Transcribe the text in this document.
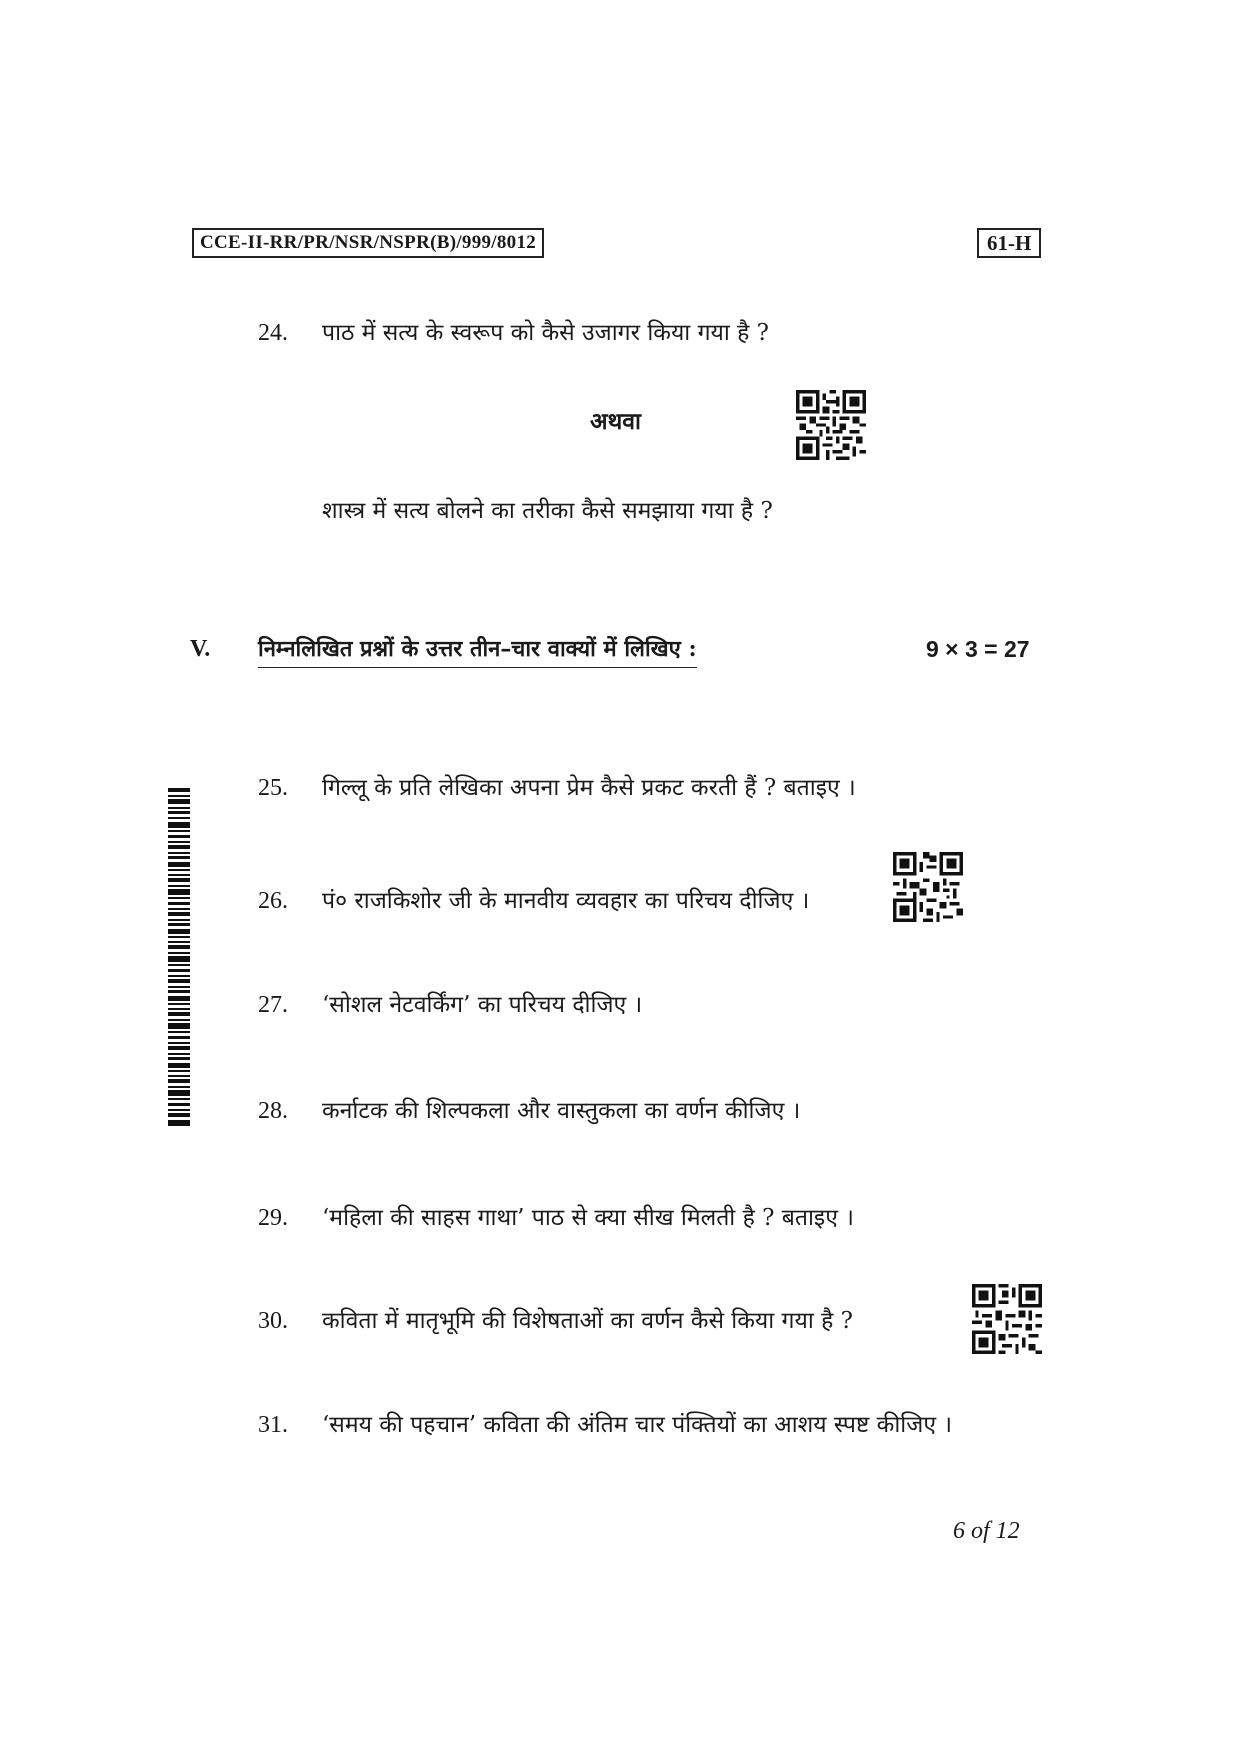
CCE-II-RR/PR/NSR/NSPR(B)/999/8012	61-H
24. पाठ में सत्य के स्वरूप को कैसे उजागर किया गया है ?
अथवा
शास्त्र में सत्य बोलने का तरीका कैसे समझाया गया है ?
V. निम्नलिखित प्रश्नों के उत्तर तीन–चार वाक्यों में लिखिए :	9 × 3 = 27
25. गिल्लू के प्रति लेखिका अपना प्रेम कैसे प्रकट करती हैं ? बताइए ।
26. पं० राजकिशोर जी के मानवीय व्यवहार का परिचय दीजिए ।
27. ‘सोशल नेटवर्किंग’ का परिचय दीजिए ।
28. कर्नाटक की शिल्पकला और वास्तुकला का वर्णन कीजिए ।
29. ‘महिला की साहस गाथा’ पाठ से क्या सीख मिलती है ? बताइए ।
30. कविता में मातृभूमि की विशेषताओं का वर्णन कैसे किया गया है ?
31. ‘समय की पहचान’ कविता की अंतिम चार पंक्तियों का आशय स्पष्ट कीजिए ।
6 of 12
